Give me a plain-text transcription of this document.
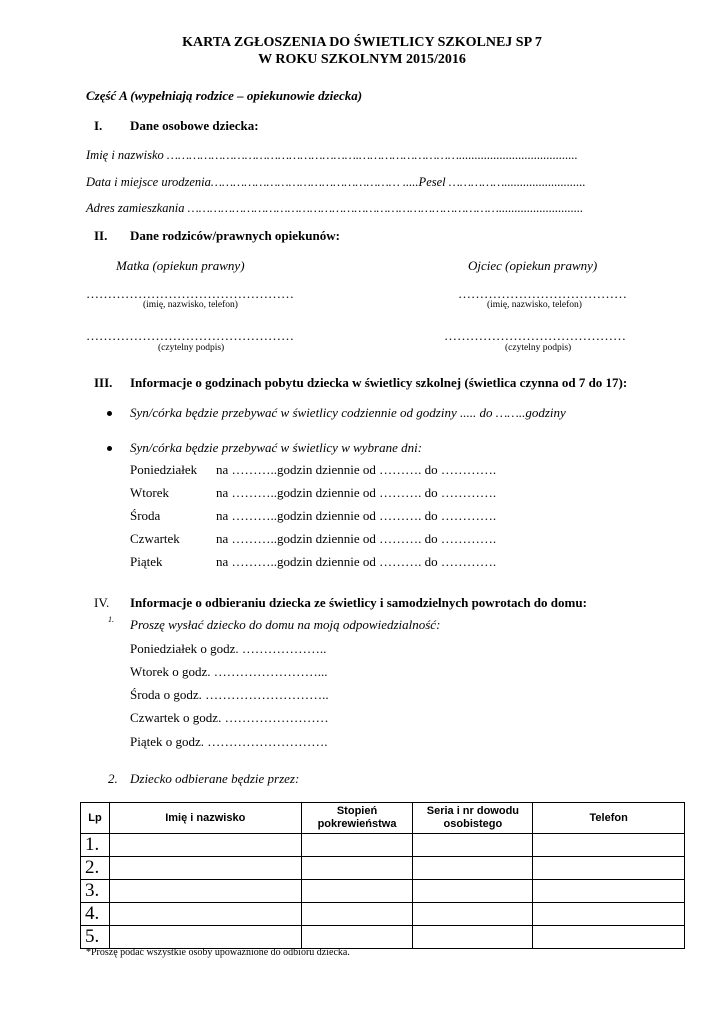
KARTA ZGŁOSZENIA DO ŚWIETLICY SZKOLNEJ SP 7
W ROKU SZKOLNYM 2015/2016
Część A (wypełniają rodzice – opiekunowie dziecka)
I. Dane osobowe dziecka:
Imię i nazwisko …………………………………………….………………………......................................
Data i miejsce urodzenia…………………………………………… .....Pesel ……………..........................
Adres zamieszkania …………………………………………………………………………...........................
II. Dane rodziców/prawnych opiekunów:
Matka (opiekun prawny)	Ojciec (opiekun prawny)
…………………………………………	…………………………………
(imię, nazwisko, telefon)	(imię, nazwisko, telefon)
…………………………………………	……………………………………
(czytelny podpis)	(czytelny podpis)
III. Informacje o godzinach pobytu dziecka w świetlicy szkolnej (świetlica czynna od 7 do 17):
Syn/córka będzie przebywać w świetlicy codziennie od godziny ..... do ……..godziny
Syn/córka będzie przebywać w świetlicy w wybrane dni:
Poniedziałek na ………..godzin dziennie od ………. do ………….
Wtorek	na ………..godzin dziennie od ………. do ………….
Środa	na ………..godzin dziennie od ………. do ………….
Czwartek	na ………..godzin dziennie od ………. do ………….
Piątek	na ………..godzin dziennie od ………. do ………….
IV. Informacje o odbieraniu dziecka ze świetlicy i samodzielnych powrotach do domu:
1. Proszę wysłać dziecko do domu na moją odpowiedzialność:
Poniedziałek o godz. ………………..
Wtorek o godz. ……………………...
Środa o godz. ………………………..
Czwartek o godz. ……………………
Piątek o godz. ……………………….
2. Dziecko odbierane będzie przez:
Lp	Imię i nazwisko	Stopień pokrewieństwa	Seria i nr dowodu osobistego	Telefon
1.				
2.				
3.				
4.				
5.				
*Proszę podać wszystkie osoby upoważnione do odbioru dziecka.
